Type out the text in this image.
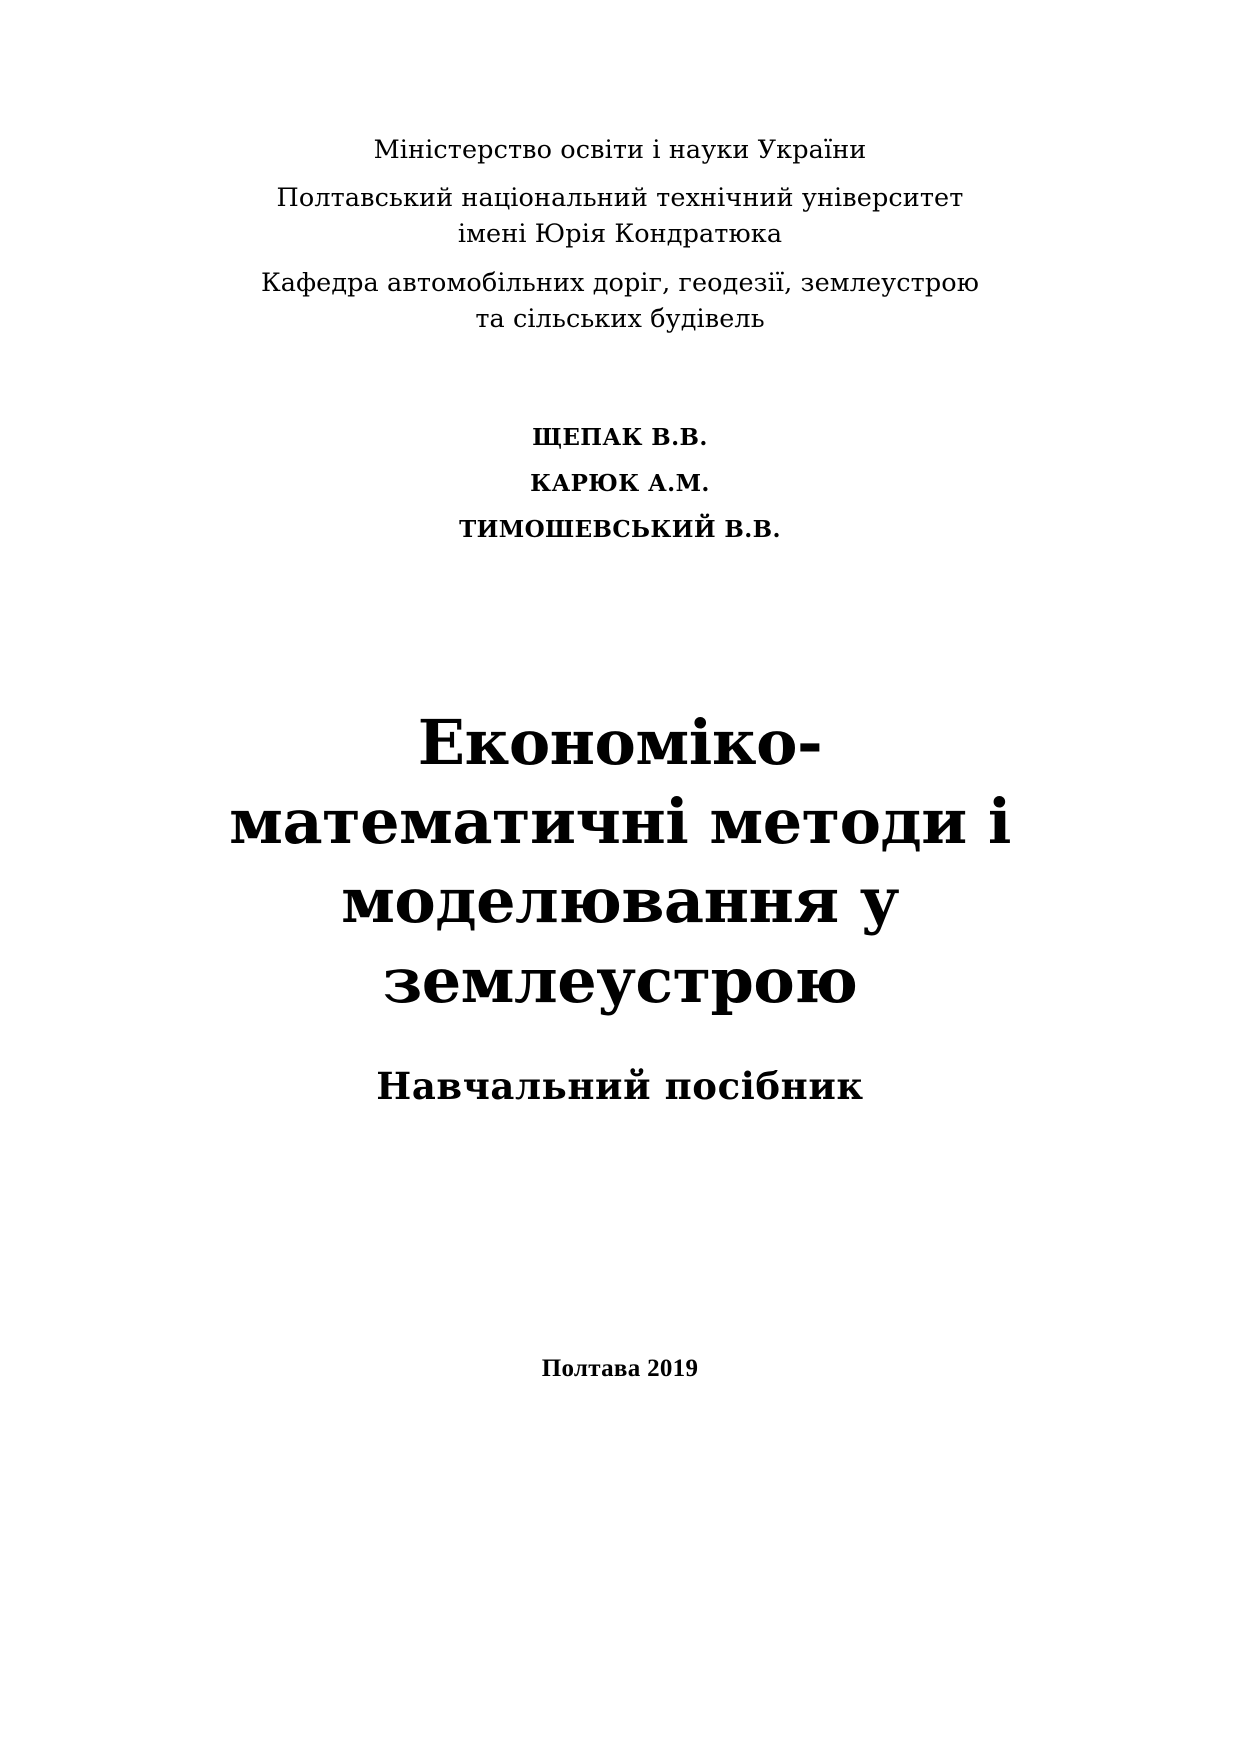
Міністерство освіти і науки України
Полтавський національний технічний університет
імені Юрія Кондратюка
Кафедра автомобільних доріг, геодезії, землеустрою
та сільських будівель
ЩЕПАК В.В.
КАРЮК А.М.
ТИМОШЕВСЬКИЙ В.В.
Економіко-
математичні методи і
моделювання у
землеустрою
Навчальний посібник
Полтава 2019
